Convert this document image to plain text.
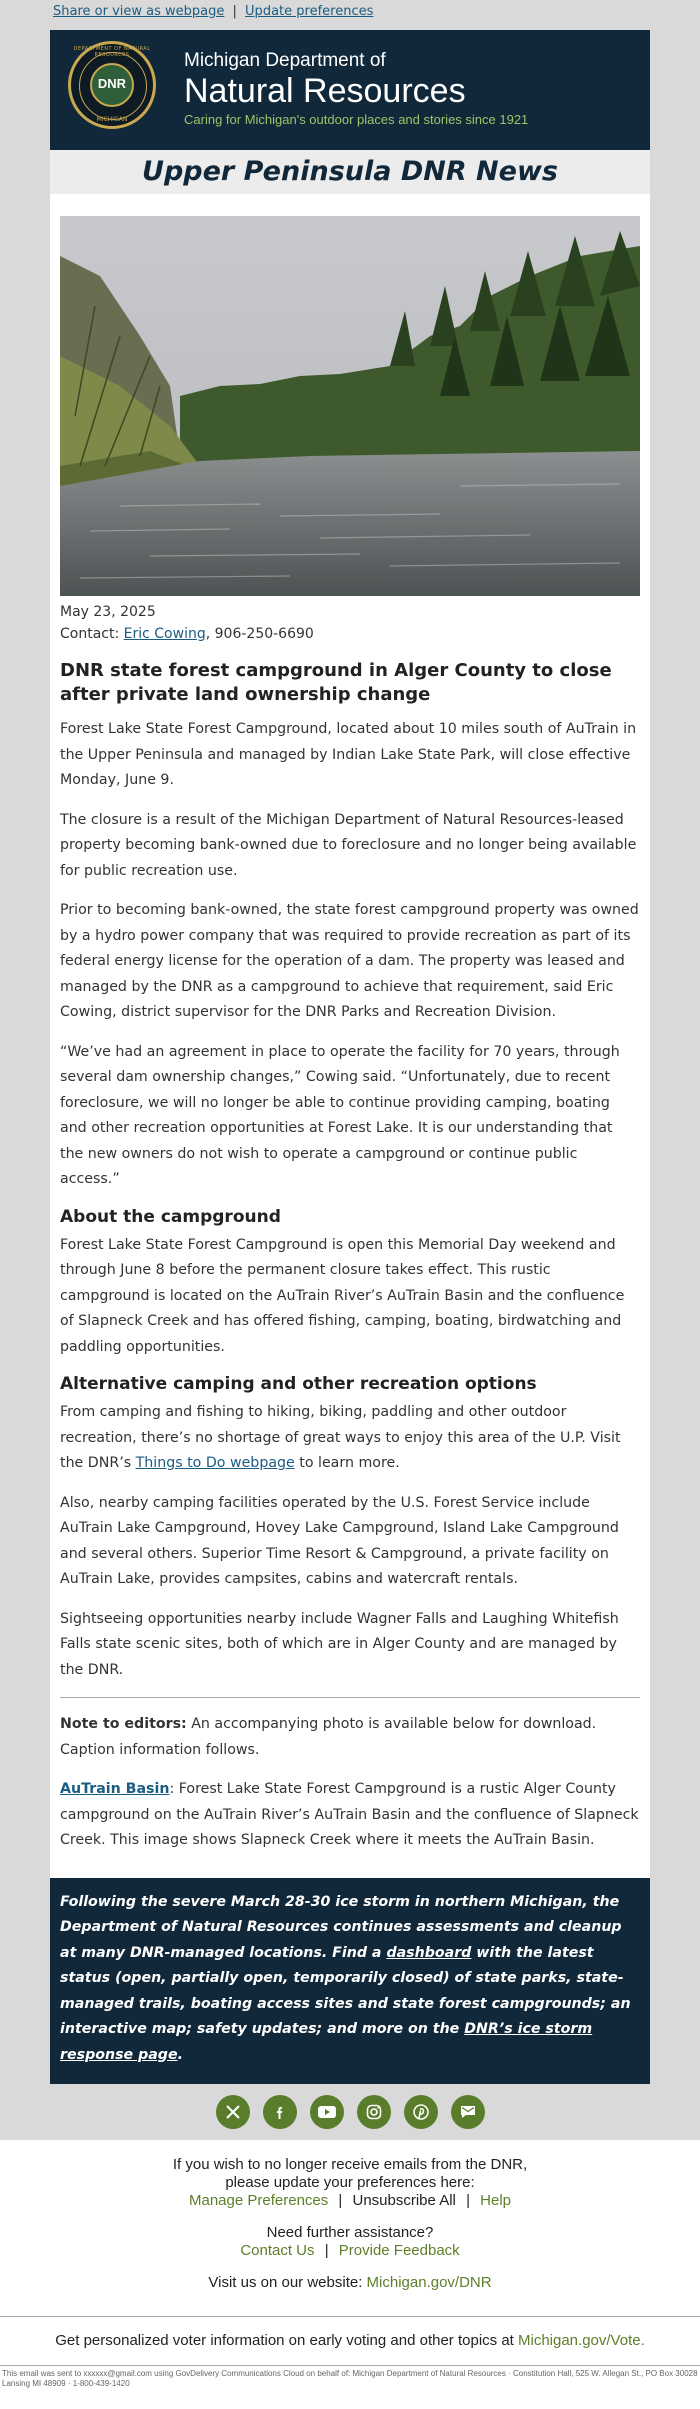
Share or view as webpage | Update preferences
DEPARTMENT OF NATURAL RESOURCES
DNR
MICHIGAN
Michigan Department of
Natural Resources
Caring for Michigan's outdoor places and stories since 1921
Upper Peninsula DNR News
May 23, 2025
Contact: Eric Cowing, 906-250-6690
DNR state forest campground in Alger County to close after private land ownership change

Forest Lake State Forest Campground, located about 10 miles south of AuTrain in the Upper Peninsula and managed by Indian Lake State Park, will close effective Monday, June 9.

The closure is a result of the Michigan Department of Natural Resources-leased property becoming bank-owned due to foreclosure and no longer being available for public recreation use.

Prior to becoming bank-owned, the state forest campground property was owned by a hydro power company that was required to provide recreation as part of its federal energy license for the operation of a dam. The property was leased and managed by the DNR as a campground to achieve that requirement, said Eric Cowing, district supervisor for the DNR Parks and Recreation Division.

“We’ve had an agreement in place to operate the facility for 70 years, through several dam ownership changes,” Cowing said. “Unfortunately, due to recent foreclosure, we will no longer be able to continue providing camping, boating and other recreation opportunities at Forest Lake. It is our understanding that the new owners do not wish to operate a campground or continue public access.”

About the campground

Forest Lake State Forest Campground is open this Memorial Day weekend and through June 8 before the permanent closure takes effect. This rustic campground is located on the AuTrain River’s AuTrain Basin and the confluence of Slapneck Creek and has offered fishing, camping, boating, birdwatching and paddling opportunities.

Alternative camping and other recreation options

From camping and fishing to hiking, biking, paddling and other outdoor recreation, there’s no shortage of great ways to enjoy this area of the U.P. Visit the DNR’s Things to Do webpage to learn more.

Also, nearby camping facilities operated by the U.S. Forest Service include AuTrain Lake Campground, Hovey Lake Campground, Island Lake Campground and several others. Superior Time Resort & Campground, a private facility on AuTrain Lake, provides campsites, cabins and watercraft rentals.

Sightseeing opportunities nearby include Wagner Falls and Laughing Whitefish Falls state scenic sites, both of which are in Alger County and are managed by the DNR.

Note to editors: An accompanying photo is available below for download. Caption information follows.

AuTrain Basin: Forest Lake State Forest Campground is a rustic Alger County campground on the AuTrain River’s AuTrain Basin and the confluence of Slapneck Creek. This image shows Slapneck Creek where it meets the AuTrain Basin.

Following the severe March 28-30 ice storm in northern Michigan, the Department of Natural Resources continues assessments and cleanup at many DNR-managed locations. Find a dashboard with the latest status (open, partially open, temporarily closed) of state parks, state-managed trails, boating access sites and state forest campgrounds; an interactive map; safety updates; and more on the DNR’s ice storm response page.
If you wish to no longer receive emails from the DNR,
please update your preferences here:
Manage Preferences | Unsubscribe All | Help
Need further assistance?
Contact Us | Provide Feedback
Visit us on our website: Michigan.gov/DNR
Get personalized voter information on early voting and other topics at Michigan.gov/Vote.
This email was sent to xxxxxx@gmail.com using GovDelivery Communications Cloud on behalf of: Michigan Department of Natural Resources · Constitution Hall, 525 W. Allegan St., PO Box 30028 Lansing MI 48909 · 1-800-439-1420
